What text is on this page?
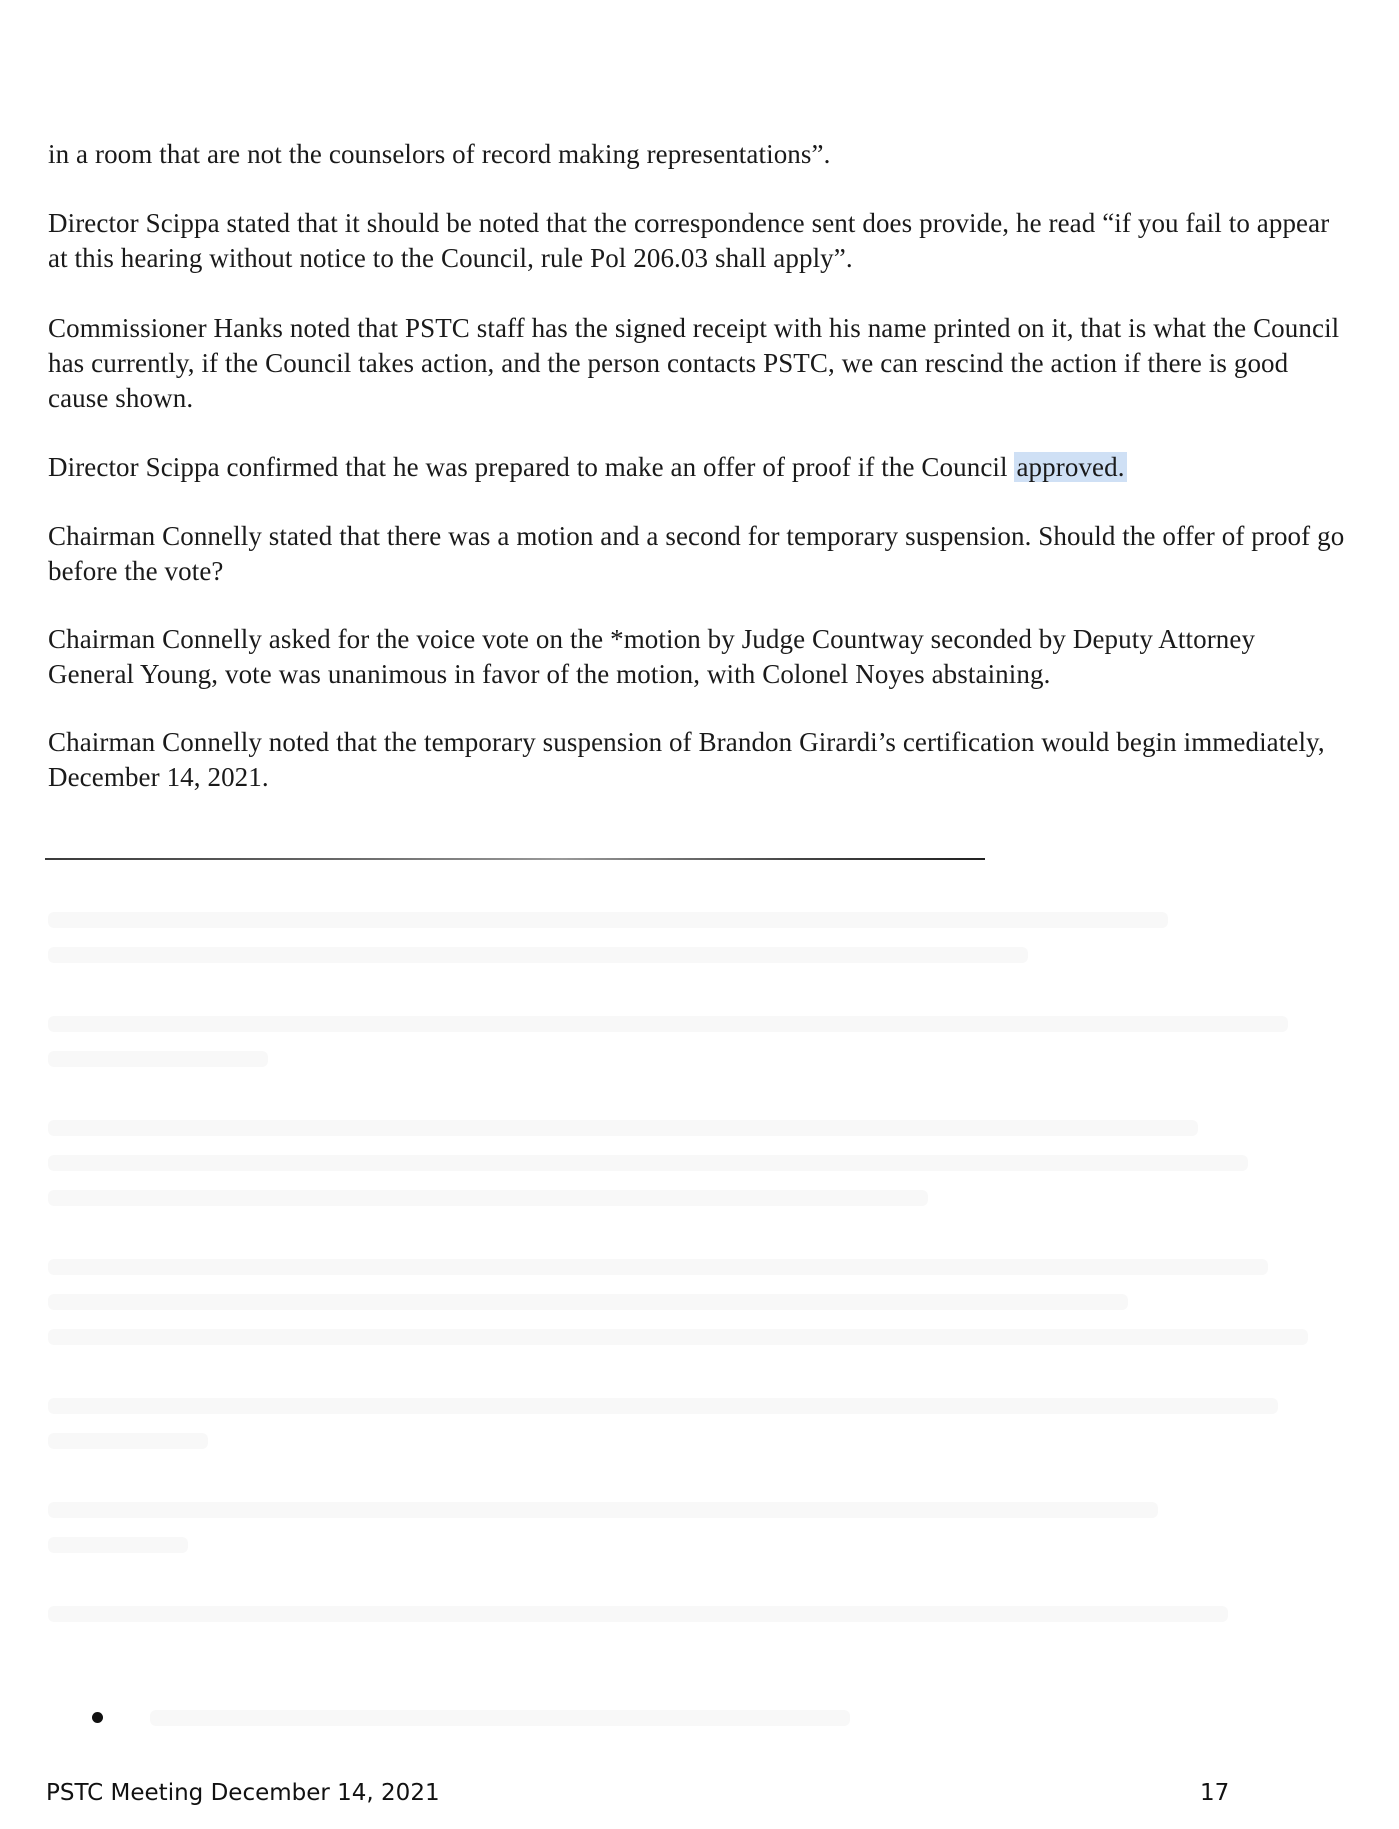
in a room that are not the counselors of record making representations”.
Director Scippa stated that it should be noted that the correspondence sent does provide, he read “if you fail to appear at this hearing without notice to the Council, rule Pol 206.03 shall apply”.
Commissioner Hanks noted that PSTC staff has the signed receipt with his name printed on it, that is what the Council has currently, if the Council takes action, and the person contacts PSTC, we can rescind the action if there is good cause shown.
Director Scippa confirmed that he was prepared to make an offer of proof if the Council approved.
Chairman Connelly stated that there was a motion and a second for temporary suspension. Should the offer of proof go before the vote?
Chairman Connelly asked for the voice vote on the *motion by Judge Countway seconded by Deputy Attorney General Young, vote was unanimous in favor of the motion, with Colonel Noyes abstaining.
Chairman Connelly noted that the temporary suspension of Brandon Girardi’s certification would begin immediately, December 14, 2021.
PSTC Meeting December 14, 2021	17
